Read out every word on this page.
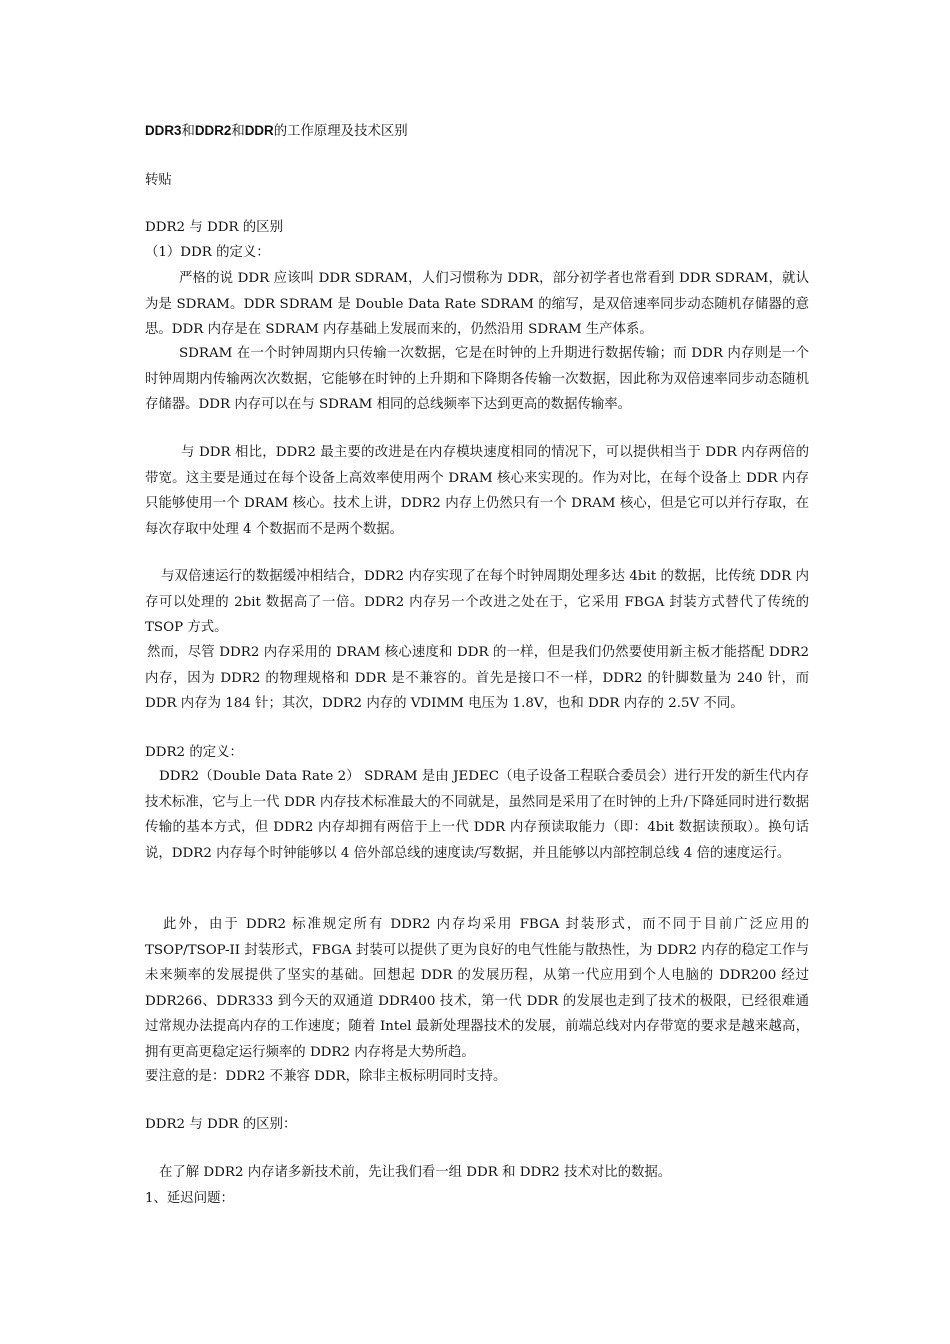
DDR3和DDR2和DDR的工作原理及技术区别
转贴
DDR2 与 DDR 的区别
（1）DDR 的定义：
严格的说 DDR 应该叫 DDR SDRAM，人们习惯称为 DDR，部分初学者也常看到 DDR SDRAM，就认为是 SDRAM。DDR SDRAM 是 Double Data Rate SDRAM 的缩写，是双倍速率同步动态随机存储器的意思。DDR 内存是在 SDRAM 内存基础上发展而来的，仍然沿用 SDRAM 生产体系。
SDRAM 在一个时钟周期内只传输一次数据，它是在时钟的上升期进行数据传输；而 DDR 内存则是一个时钟周期内传输两次次数据，它能够在时钟的上升期和下降期各传输一次数据，因此称为双倍速率同步动态随机存储器。DDR 内存可以在与 SDRAM 相同的总线频率下达到更高的数据传输率。
与 DDR 相比，DDR2 最主要的改进是在内存模块速度相同的情况下，可以提供相当于 DDR 内存两倍的带宽。这主要是通过在每个设备上高效率使用两个 DRAM 核心来实现的。作为对比，在每个设备上 DDR 内存只能够使用一个 DRAM 核心。技术上讲，DDR2 内存上仍然只有一个 DRAM 核心，但是它可以并行存取，在每次存取中处理 4 个数据而不是两个数据。
与双倍速运行的数据缓冲相结合，DDR2 内存实现了在每个时钟周期处理多达 4bit 的数据，比传统 DDR 内存可以处理的 2bit 数据高了一倍。DDR2 内存另一个改进之处在于，它采用 FBGA 封装方式替代了传统的 TSOP 方式。
然而，尽管 DDR2 内存采用的 DRAM 核心速度和 DDR 的一样，但是我们仍然要使用新主板才能搭配 DDR2 内存，因为 DDR2 的物理规格和 DDR 是不兼容的。首先是接口不一样，DDR2 的针脚数量为 240 针，而 DDR 内存为 184 针；其次，DDR2 内存的 VDIMM 电压为 1.8V，也和 DDR 内存的 2.5V 不同。
DDR2 的定义：
DDR2（Double Data Rate 2） SDRAM 是由 JEDEC（电子设备工程联合委员会）进行开发的新生代内存技术标准，它与上一代 DDR 内存技术标准最大的不同就是，虽然同是采用了在时钟的上升/下降延同时进行数据传输的基本方式，但 DDR2 内存却拥有两倍于上一代 DDR 内存预读取能力（即：4bit 数据读预取）。换句话说，DDR2 内存每个时钟能够以 4 倍外部总线的速度读/写数据，并且能够以内部控制总线 4 倍的速度运行。
此外，由于 DDR2 标准规定所有 DDR2 内存均采用 FBGA 封装形式，而不同于目前广泛应用的 TSOP/TSOP-II 封装形式，FBGA 封装可以提供了更为良好的电气性能与散热性，为 DDR2 内存的稳定工作与未来频率的发展提供了坚实的基础。回想起 DDR 的发展历程，从第一代应用到个人电脑的 DDR200 经过 DDR266、DDR333 到今天的双通道 DDR400 技术，第一代 DDR 的发展也走到了技术的极限，已经很难通过常规办法提高内存的工作速度；随着 Intel 最新处理器技术的发展，前端总线对内存带宽的要求是越来越高，拥有更高更稳定运行频率的 DDR2 内存将是大势所趋。
要注意的是：DDR2 不兼容 DDR，除非主板标明同时支持。
DDR2 与 DDR 的区别：
在了解 DDR2 内存诸多新技术前，先让我们看一组 DDR 和 DDR2 技术对比的数据。
1、延迟问题：
